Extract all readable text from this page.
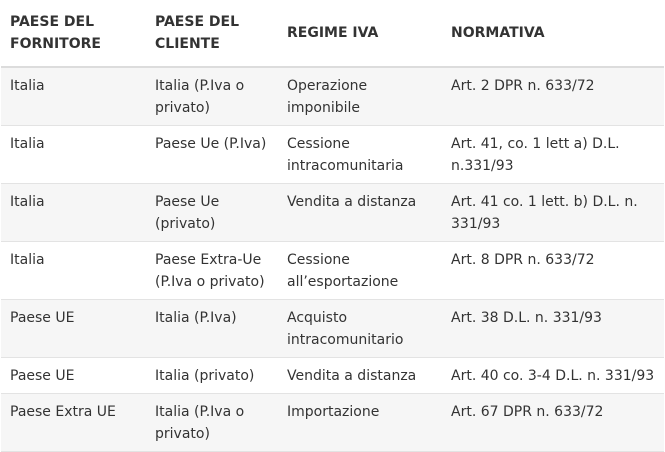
PAESE DEL FORNITORE	PAESE DEL CLIENTE	REGIME IVA	NORMATIVA
Italia	Italia (P.Iva o privato)	Operazione imponibile	Art. 2 DPR n. 633/72
Italia	Paese Ue (P.Iva)	Cessione intracomunitaria	Art. 41, co. 1 lett a) D.L. n.331/93
Italia	Paese Ue (privato)	Vendita a distanza	Art. 41 co. 1 lett. b) D.L. n. 331/93
Italia	Paese Extra-Ue (P.Iva o privato)	Cessione all’esportazione	Art. 8 DPR n. 633/72
Paese UE	Italia (P.Iva)	Acquisto intracomunitario	Art. 38 D.L. n. 331/93
Paese UE	Italia (privato)	Vendita a distanza	Art. 40 co. 3-4 D.L. n. 331/93
Paese Extra UE	Italia (P.Iva o privato)	Importazione	Art. 67 DPR n. 633/72
